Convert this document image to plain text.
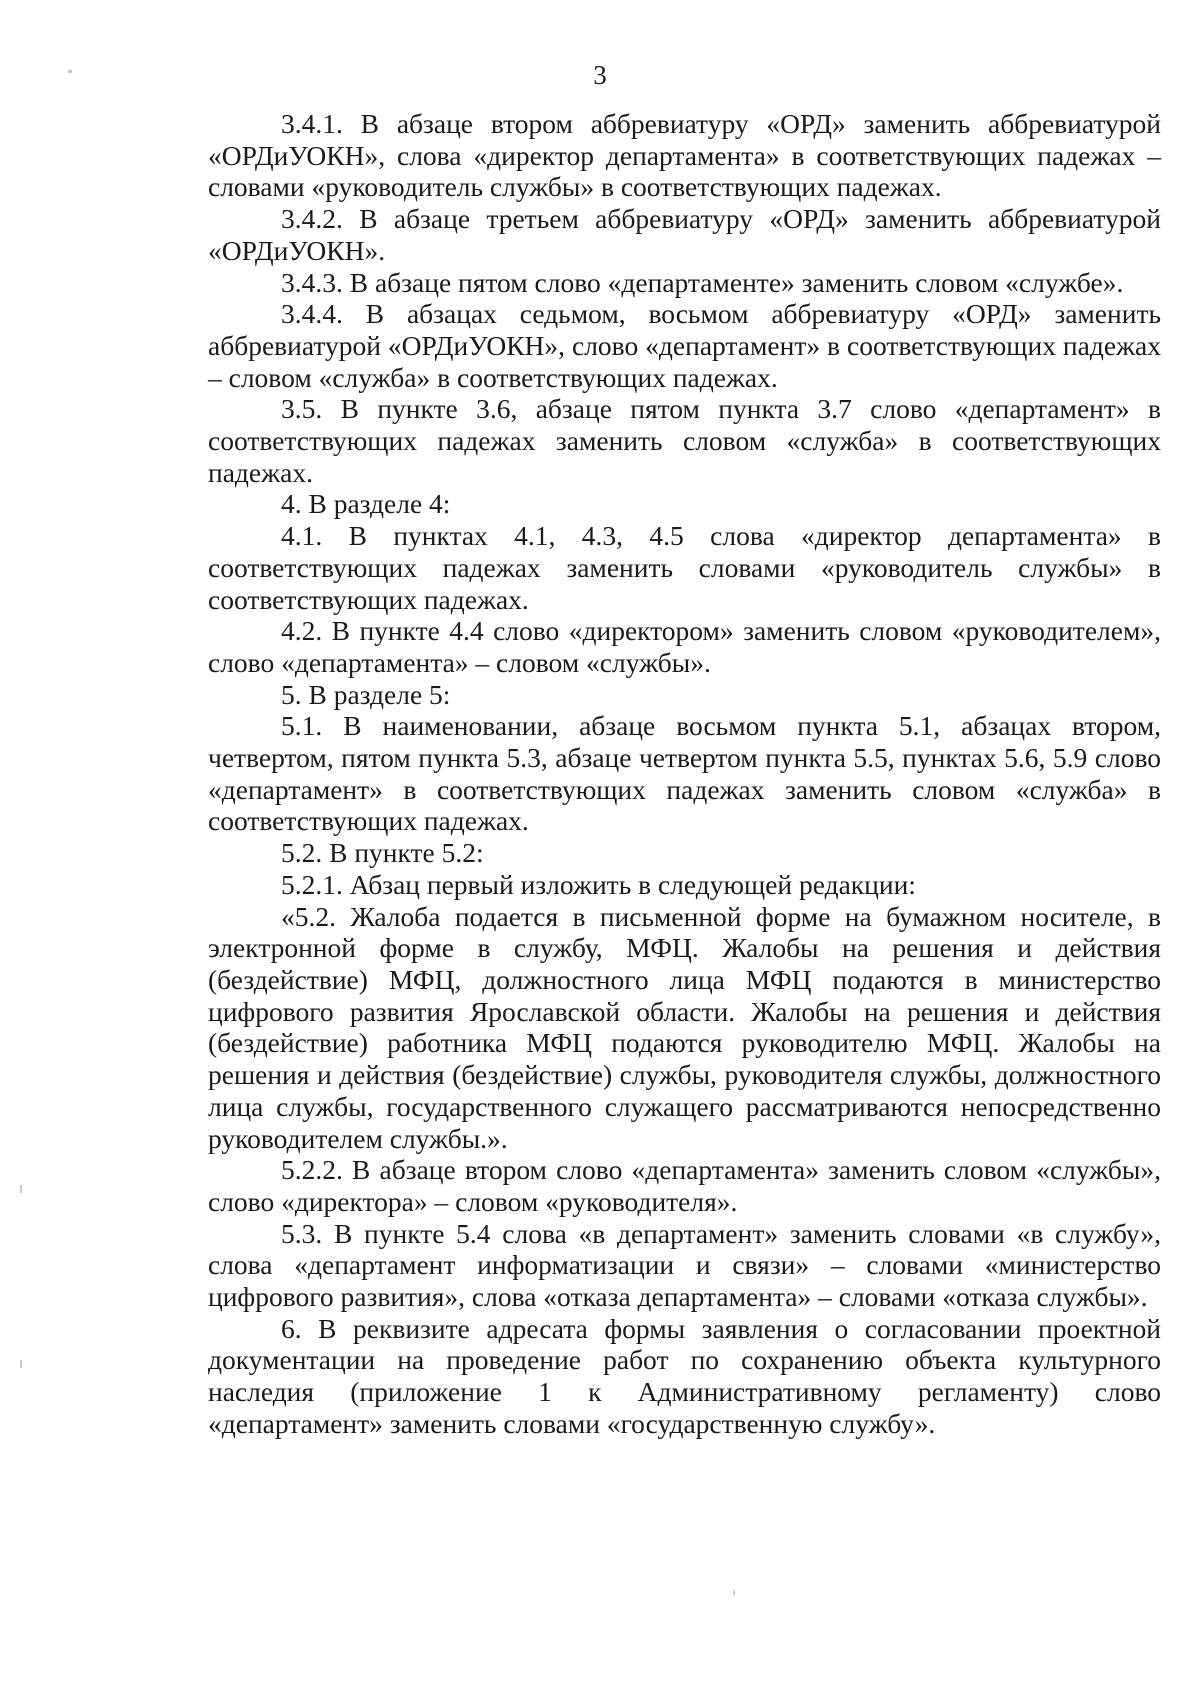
3

3.4.1. В абзаце втором аббревиатуру «ОРД» заменить аббревиатурой «ОРДиУОКН», слова «директор департамента» в соответствующих падежах – словами «руководитель службы» в соответствующих падежах.

3.4.2. В абзаце третьем аббревиатуру «ОРД» заменить аббревиатурой «ОРДиУОКН».

3.4.3. В абзаце пятом слово «департаменте» заменить словом «службе».

3.4.4. В абзацах седьмом, восьмом аббревиатуру «ОРД» заменить аббревиатурой «ОРДиУОКН», слово «департамент» в соответствующих падежах – словом «служба» в соответствующих падежах.

3.5. В пункте 3.6, абзаце пятом пункта 3.7 слово «департамент» в соответствующих падежах заменить словом «служба» в соответствующих падежах.

4. В разделе 4:

4.1. В пунктах 4.1, 4.3, 4.5 слова «директор департамента» в соответствующих падежах заменить словами «руководитель службы» в соответствующих падежах.

4.2. В пункте 4.4 слово «директором» заменить словом «руководителем», слово «департамента» – словом «службы».

5. В разделе 5:

5.1. В наименовании, абзаце восьмом пункта 5.1, абзацах втором, четвертом, пятом пункта 5.3, абзаце четвертом пункта 5.5, пунктах 5.6, 5.9 слово «департамент» в соответствующих падежах заменить словом «служба» в соответствующих падежах.

5.2. В пункте 5.2:

5.2.1. Абзац первый изложить в следующей редакции:

«5.2. Жалоба подается в письменной форме на бумажном носителе, в электронной форме в службу, МФЦ. Жалобы на решения и действия (бездействие) МФЦ, должностного лица МФЦ подаются в министерство цифрового развития Ярославской области. Жалобы на решения и действия (бездействие) работника МФЦ подаются руководителю МФЦ. Жалобы на решения и действия (бездействие) службы, руководителя службы, должностного лица службы, государственного служащего рассматриваются непосредственно руководителем службы.».

5.2.2. В абзаце втором слово «департамента» заменить словом «службы», слово «директора» – словом «руководителя».

5.3. В пункте 5.4 слова «в департамент» заменить словами «в службу», слова «департамент информатизации и связи» – словами «министерство цифрового развития», слова «отказа департамента» – словами «отказа службы».

6. В реквизите адресата формы заявления о согласовании проектной документации на проведение работ по сохранению объекта культурного наследия (приложение 1 к Административному регламенту) слово «департамент» заменить словами «государственную службу».
